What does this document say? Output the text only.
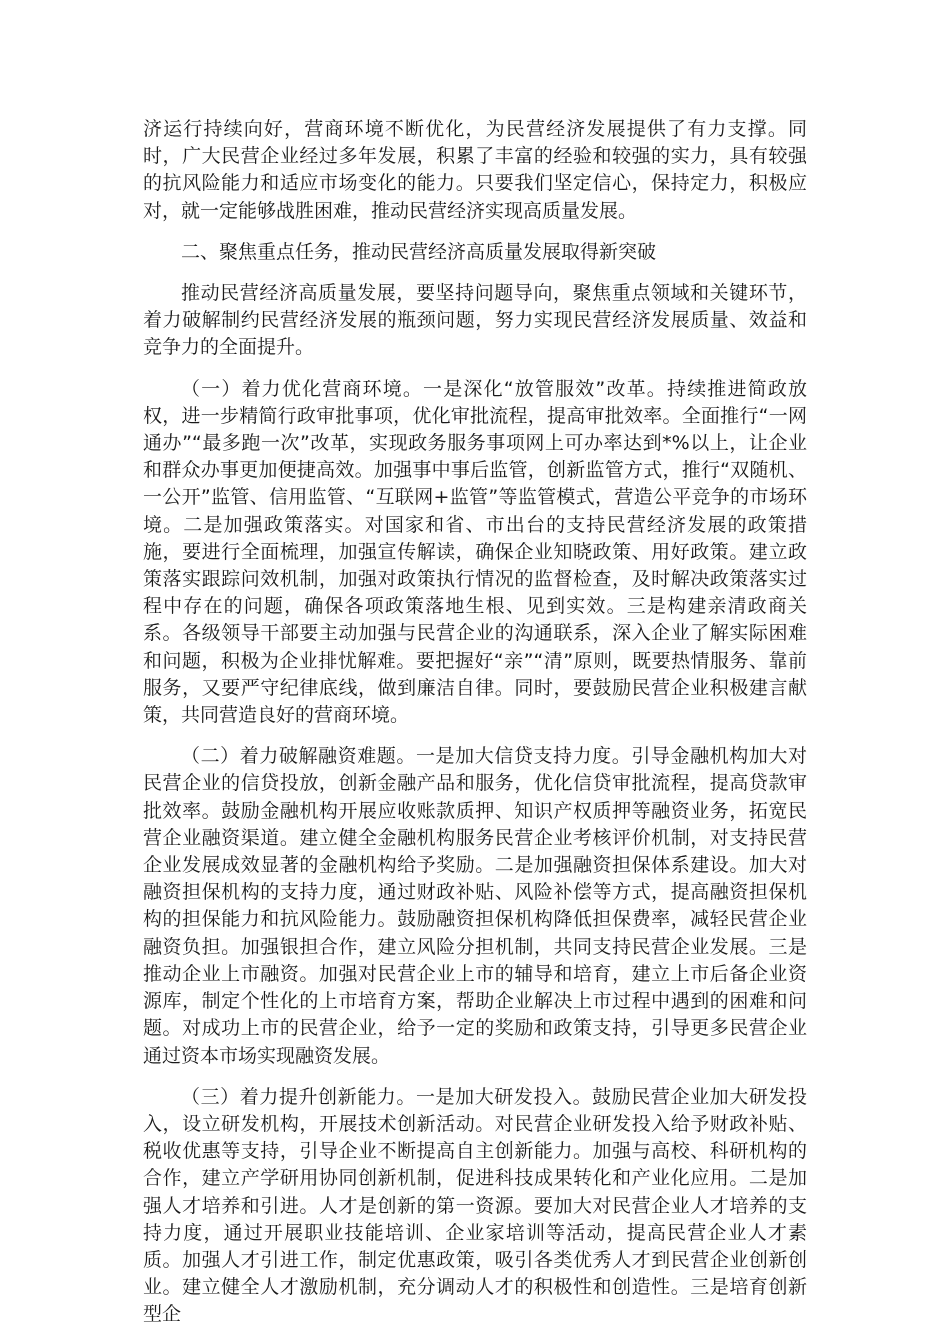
济运行持续向好，营商环境不断优化，为民营经济发展提供了有力支撑。同时，广大民营企业经过多年发展，积累了丰富的经验和较强的实力，具有较强的抗风险能力和适应市场变化的能力。只要我们坚定信心，保持定力，积极应对，就一定能够战胜困难，推动民营经济实现高质量发展。

二、聚焦重点任务，推动民营经济高质量发展取得新突破

推动民营经济高质量发展，要坚持问题导向，聚焦重点领域和关键环节，着力破解制约民营经济发展的瓶颈问题，努力实现民营经济发展质量、效益和竞争力的全面提升。

（一）着力优化营商环境。一是深化“放管服效”改革。持续推进简政放权，进一步精简行政审批事项，优化审批流程，提高审批效率。全面推行“一网通办”“最多跑一次”改革，实现政务服务事项网上可办率达到*%以上，让企业和群众办事更加便捷高效。加强事中事后监管，创新监管方式，推行“双随机、一公开”监管、信用监管、“互联网+监管”等监管模式，营造公平竞争的市场环境。二是加强政策落实。对国家和省、市出台的支持民营经济发展的政策措施，要进行全面梳理，加强宣传解读，确保企业知晓政策、用好政策。建立政策落实跟踪问效机制，加强对政策执行情况的监督检查，及时解决政策落实过程中存在的问题，确保各项政策落地生根、见到实效。三是构建亲清政商关系。各级领导干部要主动加强与民营企业的沟通联系，深入企业了解实际困难和问题，积极为企业排忧解难。要把握好“亲”“清”原则，既要热情服务、靠前服务，又要严守纪律底线，做到廉洁自律。同时，要鼓励民营企业积极建言献策，共同营造良好的营商环境。

（二）着力破解融资难题。一是加大信贷支持力度。引导金融机构加大对民营企业的信贷投放，创新金融产品和服务，优化信贷审批流程，提高贷款审批效率。鼓励金融机构开展应收账款质押、知识产权质押等融资业务，拓宽民营企业融资渠道。建立健全金融机构服务民营企业考核评价机制，对支持民营企业发展成效显著的金融机构给予奖励。二是加强融资担保体系建设。加大对融资担保机构的支持力度，通过财政补贴、风险补偿等方式，提高融资担保机构的担保能力和抗风险能力。鼓励融资担保机构降低担保费率，减轻民营企业融资负担。加强银担合作，建立风险分担机制，共同支持民营企业发展。三是推动企业上市融资。加强对民营企业上市的辅导和培育，建立上市后备企业资源库，制定个性化的上市培育方案，帮助企业解决上市过程中遇到的困难和问题。对成功上市的民营企业，给予一定的奖励和政策支持，引导更多民营企业通过资本市场实现融资发展。

（三）着力提升创新能力。一是加大研发投入。鼓励民营企业加大研发投入，设立研发机构，开展技术创新活动。对民营企业研发投入给予财政补贴、税收优惠等支持，引导企业不断提高自主创新能力。加强与高校、科研机构的合作，建立产学研用协同创新机制，促进科技成果转化和产业化应用。二是加强人才培养和引进。人才是创新的第一资源。要加大对民营企业人才培养的支持力度，通过开展职业技能培训、企业家培训等活动，提高民营企业人才素质。加强人才引进工作，制定优惠政策，吸引各类优秀人才到民营企业创新创业。建立健全人才激励机制，充分调动人才的积极性和创造性。三是培育创新型企
